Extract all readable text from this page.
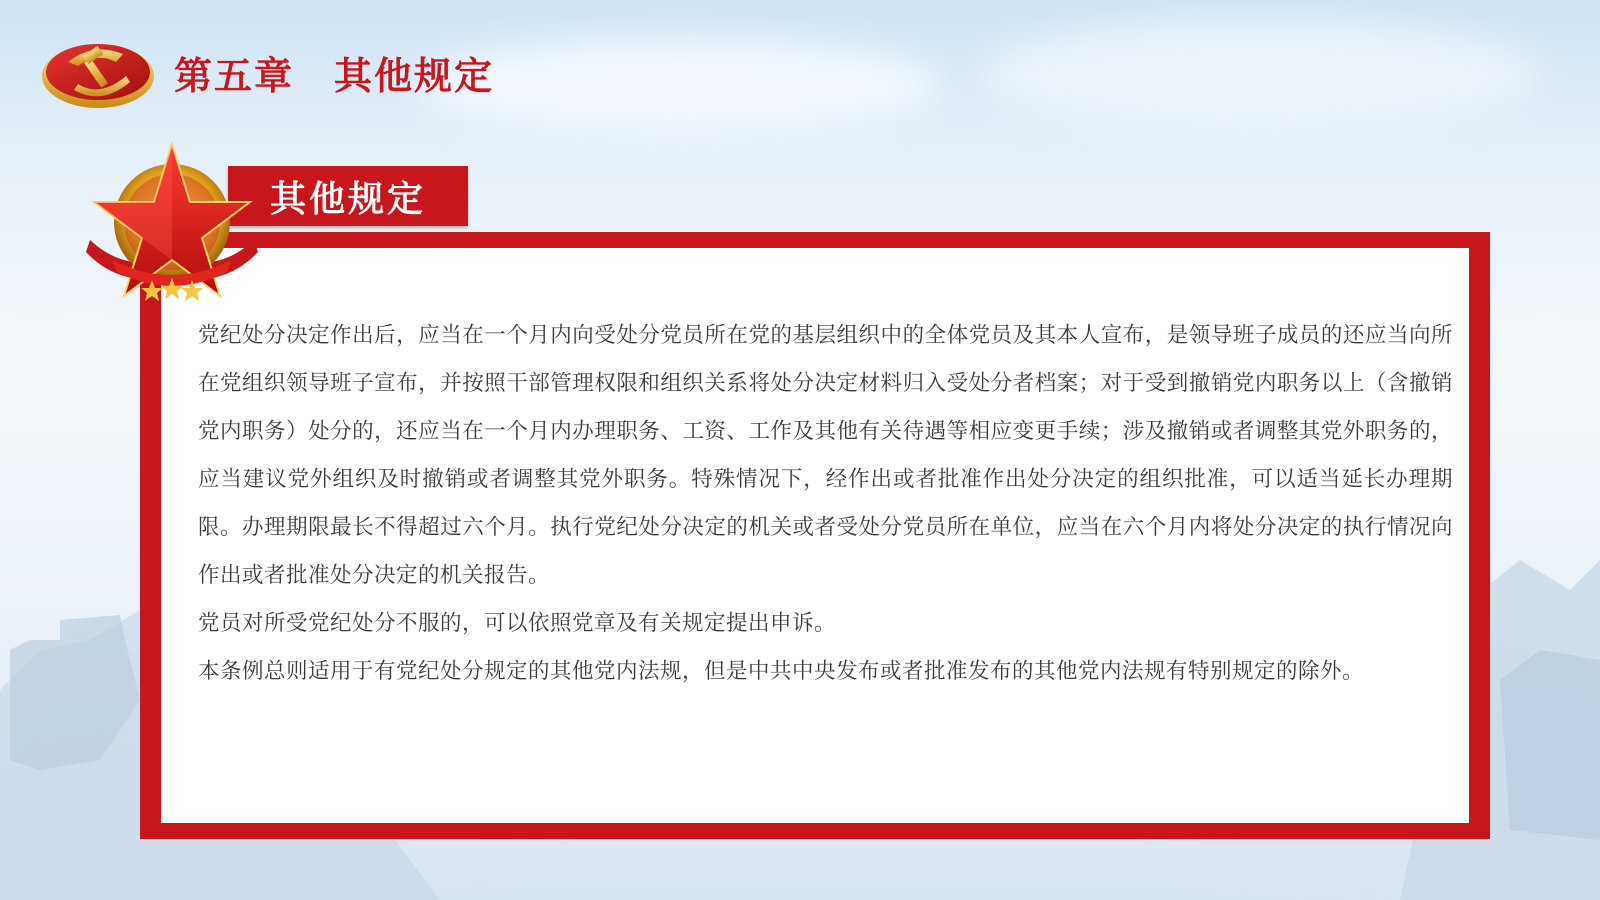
第五章　其他规定
其他规定

党纪处分决定作出后，应当在一个月内向受处分党员所在党的基层组织中的全体党员及其本人宣布，是领导班子成员的还应当向所在党组织领导班子宣布，并按照干部管理权限和组织关系将处分决定材料归入受处分者档案；对于受到撤销党内职务以上（含撤销党内职务）处分的，还应当在一个月内办理职务、工资、工作及其他有关待遇等相应变更手续；涉及撤销或者调整其党外职务的，应当建议党外组织及时撤销或者调整其党外职务。特殊情况下，经作出或者批准作出处分决定的组织批准，可以适当延长办理期限。办理期限最长不得超过六个月。执行党纪处分决定的机关或者受处分党员所在单位，应当在六个月内将处分决定的执行情况向作出或者批准处分决定的机关报告。

党员对所受党纪处分不服的，可以依照党章及有关规定提出申诉。

本条例总则适用于有党纪处分规定的其他党内法规，但是中共中央发布或者批准发布的其他党内法规有特别规定的除外。
